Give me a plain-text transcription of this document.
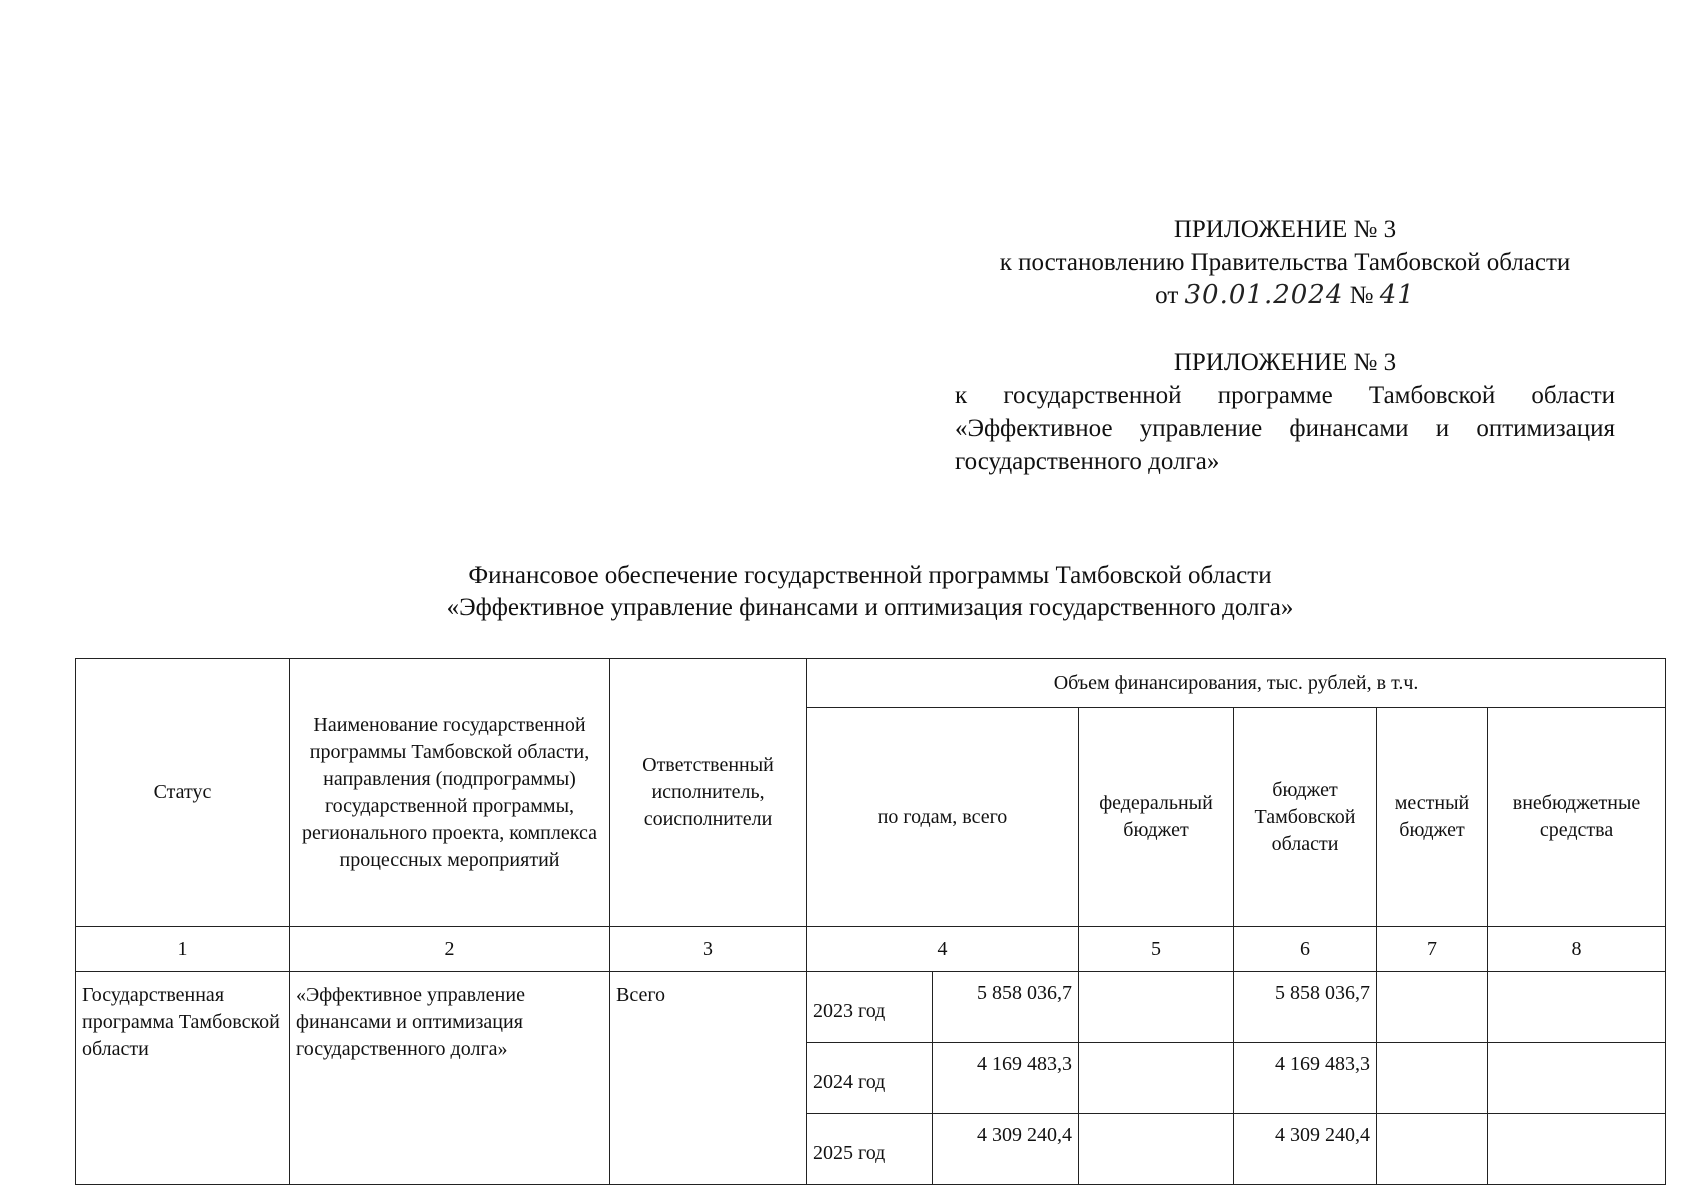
ПРИЛОЖЕНИЕ № 3
к постановлению Правительства Тамбовской области
от 30.01.2024 № 41
ПРИЛОЖЕНИЕ № 3
к государственной программе Тамбовской области «Эффективное управление финансами и оптимизация государственного долга»
Финансовое обеспечение государственной программы Тамбовской области
«Эффективное управление финансами и оптимизация государственного долга»
Статус	Наименование государственной программы Тамбовской области, направления (подпрограммы) государственной программы, регионального проекта, комплекса процессных мероприятий	Ответственный исполнитель, соисполнители	Объем финансирования, тыс. рублей, в т.ч.					
			по годам, всего		федеральный бюджет	бюджет Тамбовской области	местный бюджет	внебюджетные средства
1	2	3	4		5	6	7	8
Государственная программа Тамбовской области	«Эффективное управление финансами и оптимизация государственного долга»	Всего	2023 год	5 858 036,7		5 858 036,7		
			2024 год	4 169 483,3		4 169 483,3		
			2025 год	4 309 240,4		4 309 240,4		
